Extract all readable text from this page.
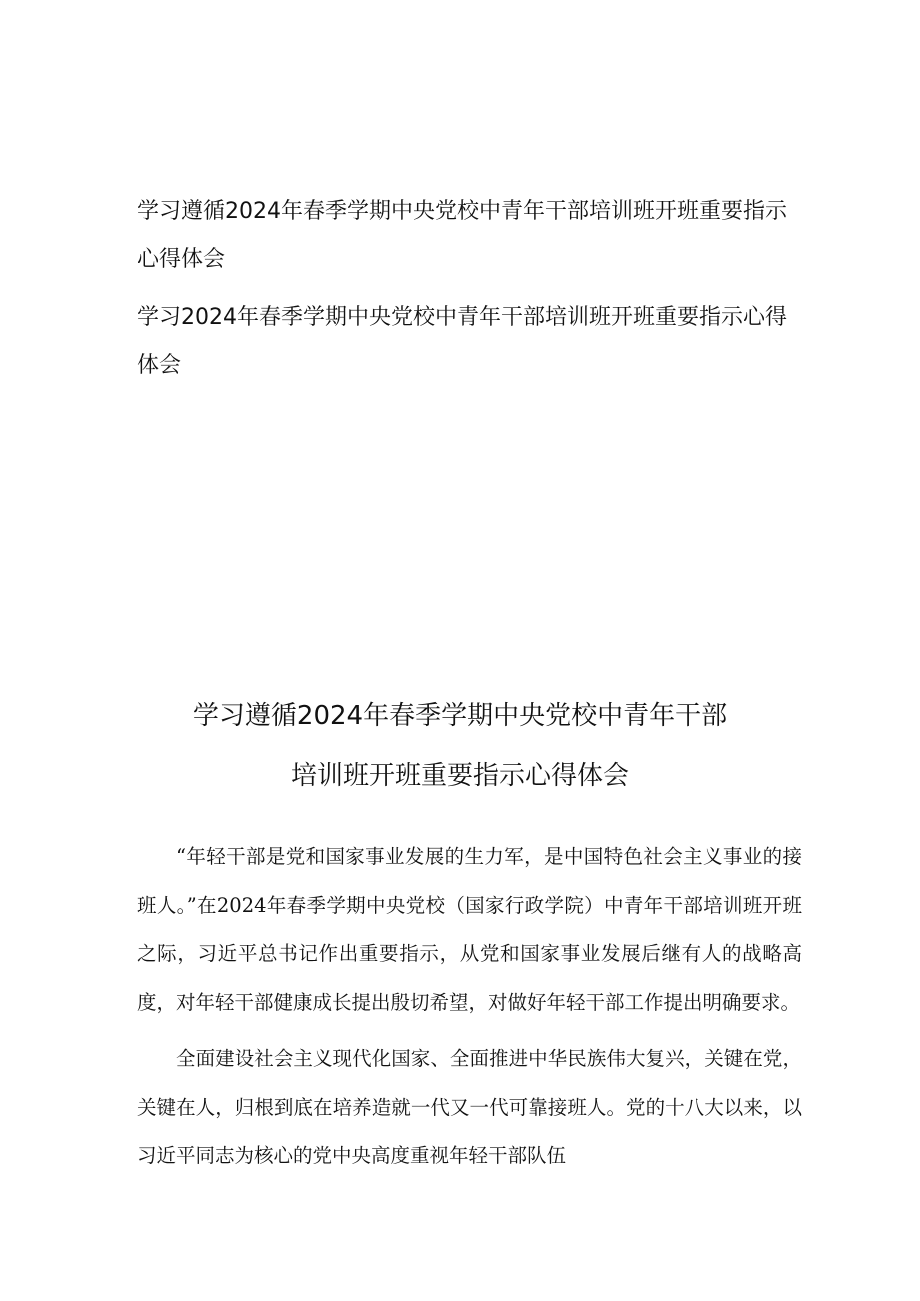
学习遵循2024年春季学期中央党校中青年干部培训班开班重要指示心得体会
学习2024年春季学期中央党校中青年干部培训班开班重要指示心得体会
学习遵循2024年春季学期中央党校中青年干部
培训班开班重要指示心得体会

“年轻干部是党和国家事业发展的生力军，是中国特色社会主义事业的接班人。”在2024年春季学期中央党校（国家行政学院）中青年干部培训班开班之际，习近平总书记作出重要指示，从党和国家事业发展后继有人的战略高度，对年轻干部健康成长提出殷切希望，对做好年轻干部工作提出明确要求。

全面建设社会主义现代化国家、全面推进中华民族伟大复兴，关键在党，关键在人，归根到底在培养造就一代又一代可靠接班人。党的十八大以来，以习近平同志为核心的党中央高度重视年轻干部队伍
